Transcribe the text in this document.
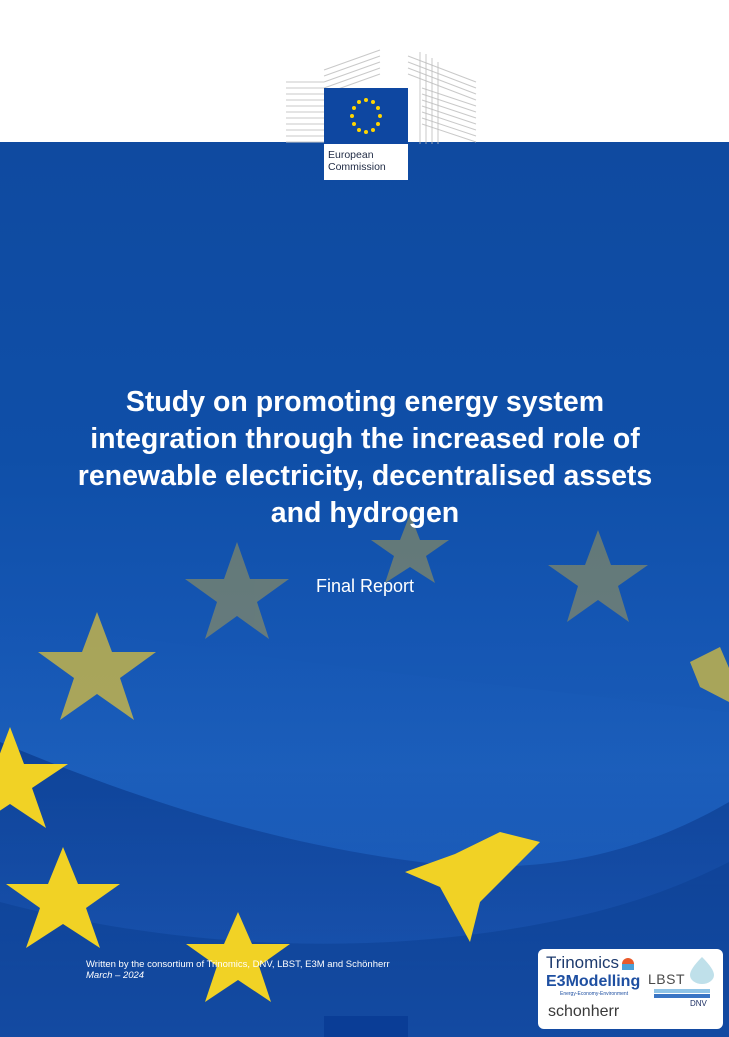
European
Commission
Study on promoting energy system integration through the increased role of renewable electricity, decentralised assets and hydrogen
Final Report
Written by the consortium of Trinomics, DNV, LBST, E3M and Schönherr
March – 2024
Trinomics
E3Modelling
Energy-Economy-Environment
schonherr
LBST
DNV
